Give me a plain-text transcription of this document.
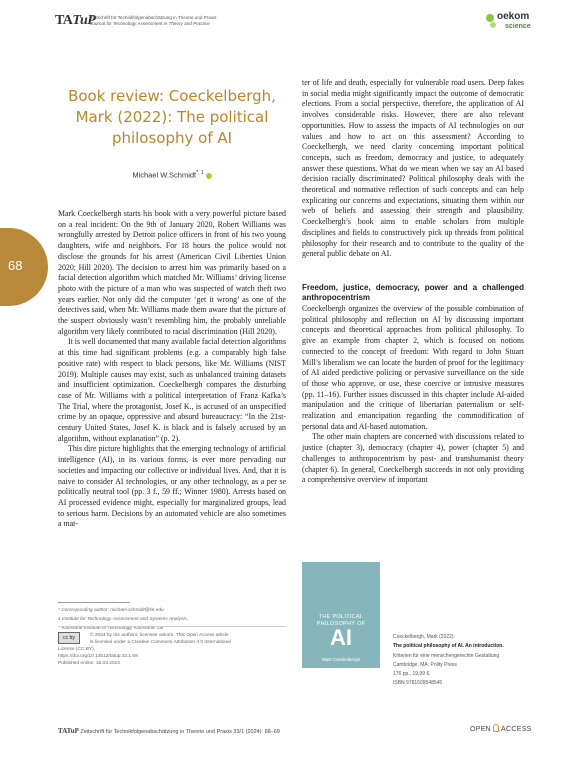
TATuP
Zeitschrift für Technikfolgenabschätzung in Theorie und Praxis
Journal for Technology Assessment in Theory and Practice
oekom
science
68
Book review: Coeckelbergh,
Mark (2022): The political
philosophy of AI
Michael W.Schmidt$^{*, 1}$

Mark Coeckelbergh starts his book with a very powerful picture based on a real incident: On the 9th of January 2020, Robert Williams was wrongfully arrested by Detroit police officers in front of his two young daughters, wife and neighbors. For 18 hours the police would not disclose the grounds for his arrest (American Civil Liberties Union 2020; Hill 2020). The decision to arrest him was primarily based on a facial detection algorithm which matched Mr. Williams’ driving license photo with the picture of a man who was suspected of watch theft two years earlier. Not only did the computer ‘get it wrong’ as one of the detectives said, when Mr. Williams made them aware that the picture of the suspect obviously wasn’t resembling him, the probably unreliable algorithm very likely contributed to racial discrimination (Hill 2020).

It is well documented that many available facial detection algorithms at this time had significant problems (e.g. a comparably high false positive rate) with respect to black persons, like Mr. Williams (NIST 2019). Multiple causes may exist, such as unbalanced training datasets and insufficient optimization. Coeckelbergh compares the disturbing case of Mr. Williams with a political interpretation of Franz Kafka’s The Trial, where the protagonist, Josef K., is accused of an unspecified crime by an opaque, oppressive and absurd bureaucracy: “In the 21st-century United States, Josef K. is black and is falsely accused by an algorithm, without explanation” (p. 2).

This dire picture highlights that the emerging technology of artificial intelligence (AI), in its various forms, is ever more pervading our societies and impacting our collective or individual lives. And, that it is naive to consider AI technologies, or any other technology, as a per se politically neutral tool (pp. 3 f., 59 ff.; Winner 1980). Arrests based on AI processed evidence might, especially for marginalized groups, lead to serious harm. Decisions by an automated vehicle are also sometimes a mat-

ter of life and death, especially for vulnerable road users. Deep fakes in social media might significantly impact the outcome of democratic elections. From a social perspective, therefore, the application of AI involves considerable risks. However, there are also relevant opportunities. How to assess the impacts of AI technologies on our values and how to act on this assessment? According to Coeckelbergh, we need clarity concerning important political concepts, such as freedom, democracy and justice, to adequately answer these questions. What do we mean when we say an AI based decision racially discriminated? Political philosophy deals with the theoretical and normative reflection of such concepts and can help explicating our concerns and expectations, situating them within our web of beliefs and assessing their strength and plausibility. Coeckelbergh’s book aims to enable scholars from multiple disciplines and fields to constructively pick up threads from political philosophy for their research and to contribute to the quality of the general public debate on AI.

Freedom, justice, democracy, power and a challenged anthropocentrism

Coeckelbergh organizes the overview of the possible combination of political philosophy and reflection on AI by discussing important concepts and theoretical approaches from political philosophy. To give an example from chapter 2, which is focused on notions connected to the concept of freedom: With regard to John Stuart Mill’s liberalism we can locate the burden of proof for the legitimacy of AI aided predictive policing or pervasive surveillance on the side of those who approve, or use, these coercive or intrusive measures (pp. 11–16). Further issues discussed in this chapter include AI-aided manipulation and the critique of libertarian paternalism or self-realization and emancipation regarding the commodification of personal data and AI-based automation.

The other main chapters are concerned with discussions related to justice (chapter 3), democracy (chapter 4), power (chapter 5) and challenges to anthropocentrism by post- and transhumanist theory (chapter 6). In general, Coeckelbergh succeeds in not only providing a comprehensive overview of important

* Corresponding author: michael.schmidt@kit.edu
1 Institute for Technology Assessment and Systems Analysis,
Karlsruhe Institute of Technology, Karlsruhe, DE
cc by	© 2024 by the authors; licensee oekom. This Open Access article
is licensed under a Creative Commons Attribution 4.0 International
License (CC BY).
https://doi.org/10.14512/tatup.33.1.68
Published online: 15.03.2024
THE POLITICAL PHILOSOPHY OF
AI
Mark Coeckelbergh
Coeckelbergh, Mark (2022):
The political philosophy of AI. An introduction.
Kriterien für eine menschengerechte Gestaltung
Cambridge, MA: Polity Press
176 pp., 19,99 €,
ISBN 9781509548545
TATuP Zeitschrift für Technikfolgenabschätzung in Theorie und Praxis 33/1 (2024): 68–69	OPEN ACCESS
